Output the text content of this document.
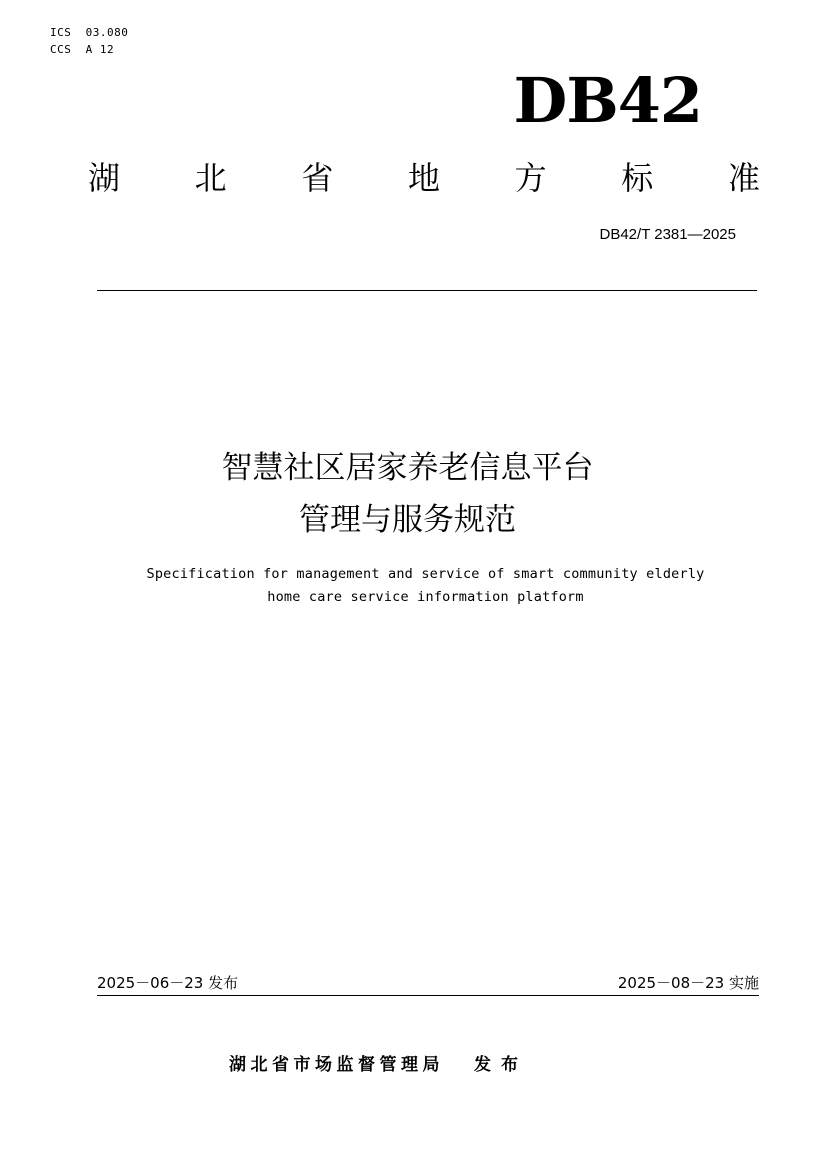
ICS  03.080
CCS  A 12
DB42
湖 北 省 地 方 标 准
DB42/T 2381—2025
智慧社区居家养老信息平台
管理与服务规范
Specification for management and service of smart community elderly
home care service information platform
2025－06－23 发布	2025－08－23 实施
湖北省市场监督管理局 发布
